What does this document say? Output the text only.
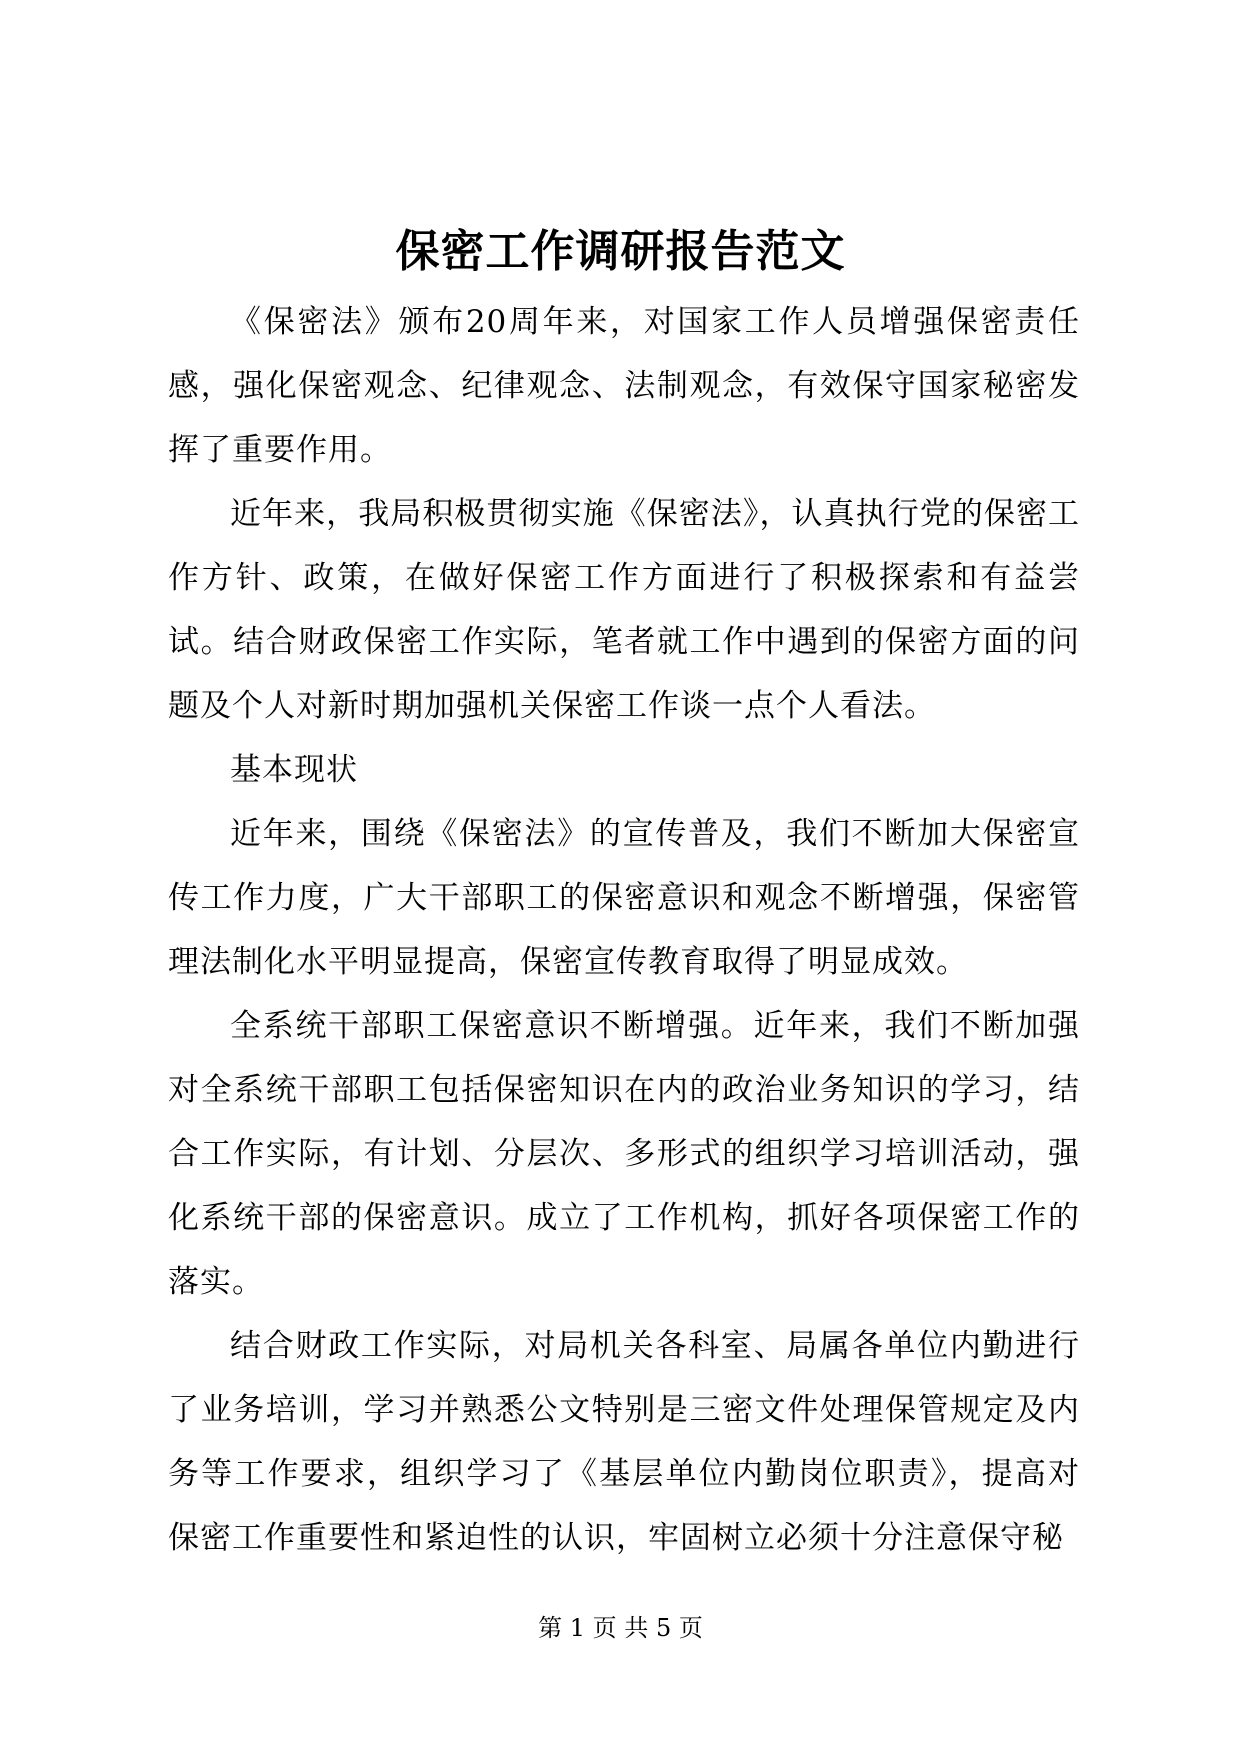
保密工作调研报告范文

《保密法》颁布20周年来，对国家工作人员增强保密责任感，强化保密观念、纪律观念、法制观念，有效保守国家秘密发挥了重要作用。

近年来，我局积极贯彻实施《保密法》，认真执行党的保密工作方针、政策，在做好保密工作方面进行了积极探索和有益尝试。结合财政保密工作实际，笔者就工作中遇到的保密方面的问题及个人对新时期加强机关保密工作谈一点个人看法。

基本现状

近年来，围绕《保密法》的宣传普及，我们不断加大保密宣传工作力度，广大干部职工的保密意识和观念不断增强，保密管理法制化水平明显提高，保密宣传教育取得了明显成效。

全系统干部职工保密意识不断增强。近年来，我们不断加强对全系统干部职工包括保密知识在内的政治业务知识的学习，结合工作实际，有计划、分层次、多形式的组织学习培训活动，强化系统干部的保密意识。成立了工作机构，抓好各项保密工作的落实。

结合财政工作实际，对局机关各科室、局属各单位内勤进行了业务培训，学习并熟悉公文特别是三密文件处理保管规定及内务等工作要求，组织学习了《基层单位内勤岗位职责》，提高对保密工作重要性和紧迫性的认识，牢固树立必须十分注意保守秘

第 1 页 共 5 页
